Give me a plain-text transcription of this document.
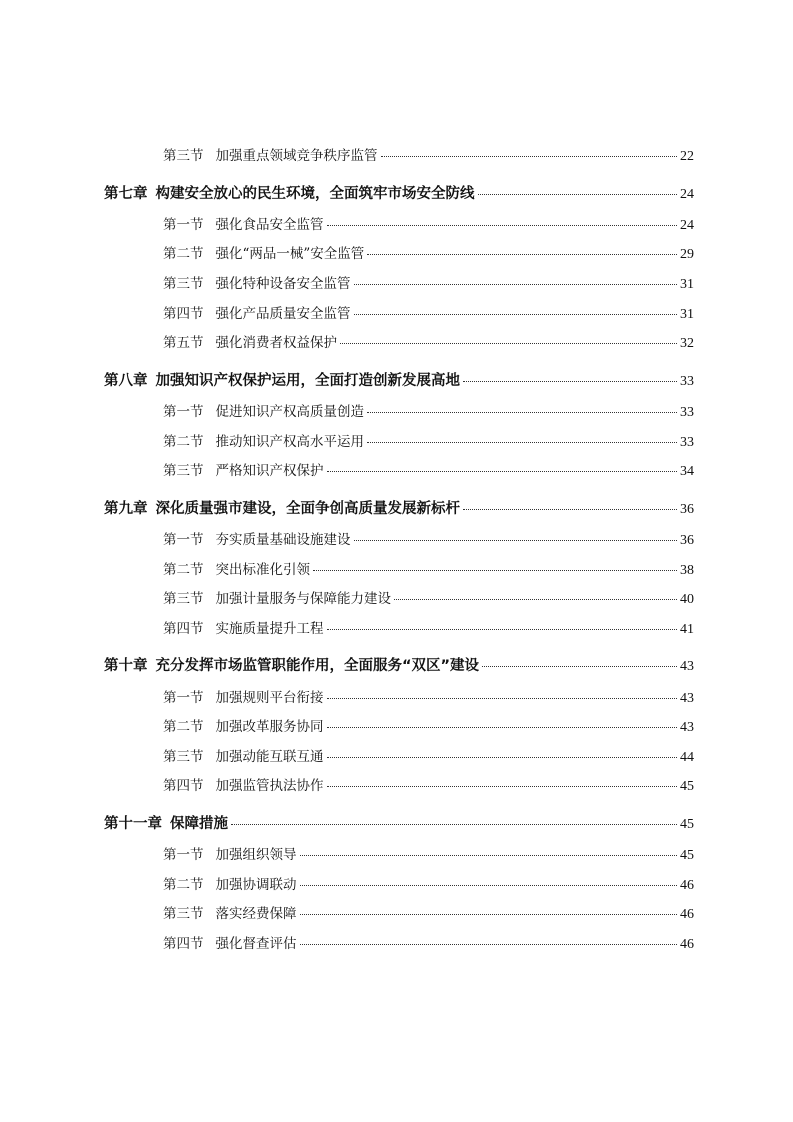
第三节 加强重点领域竞争秩序监管	22
第七章 构建安全放心的民生环境，全面筑牢市场安全防线	24
第一节 强化食品安全监管	24
第二节 强化“两品一械”安全监管	29
第三节 强化特种设备安全监管	31
第四节 强化产品质量安全监管	31
第五节 强化消费者权益保护	32
第八章 加强知识产权保护运用，全面打造创新发展高地	33
第一节 促进知识产权高质量创造	33
第二节 推动知识产权高水平运用	33
第三节 严格知识产权保护	34
第九章 深化质量强市建设，全面争创高质量发展新标杆	36
第一节 夯实质量基础设施建设	36
第二节 突出标准化引领	38
第三节 加强计量服务与保障能力建设	40
第四节 实施质量提升工程	41
第十章 充分发挥市场监管职能作用，全面服务“双区”建设	43
第一节 加强规则平台衔接	43
第二节 加强改革服务协同	43
第三节 加强动能互联互通	44
第四节 加强监管执法协作	45
第十一章 保障措施	45
第一节 加强组织领导	45
第二节 加强协调联动	46
第三节 落实经费保障	46
第四节 强化督查评估	46
